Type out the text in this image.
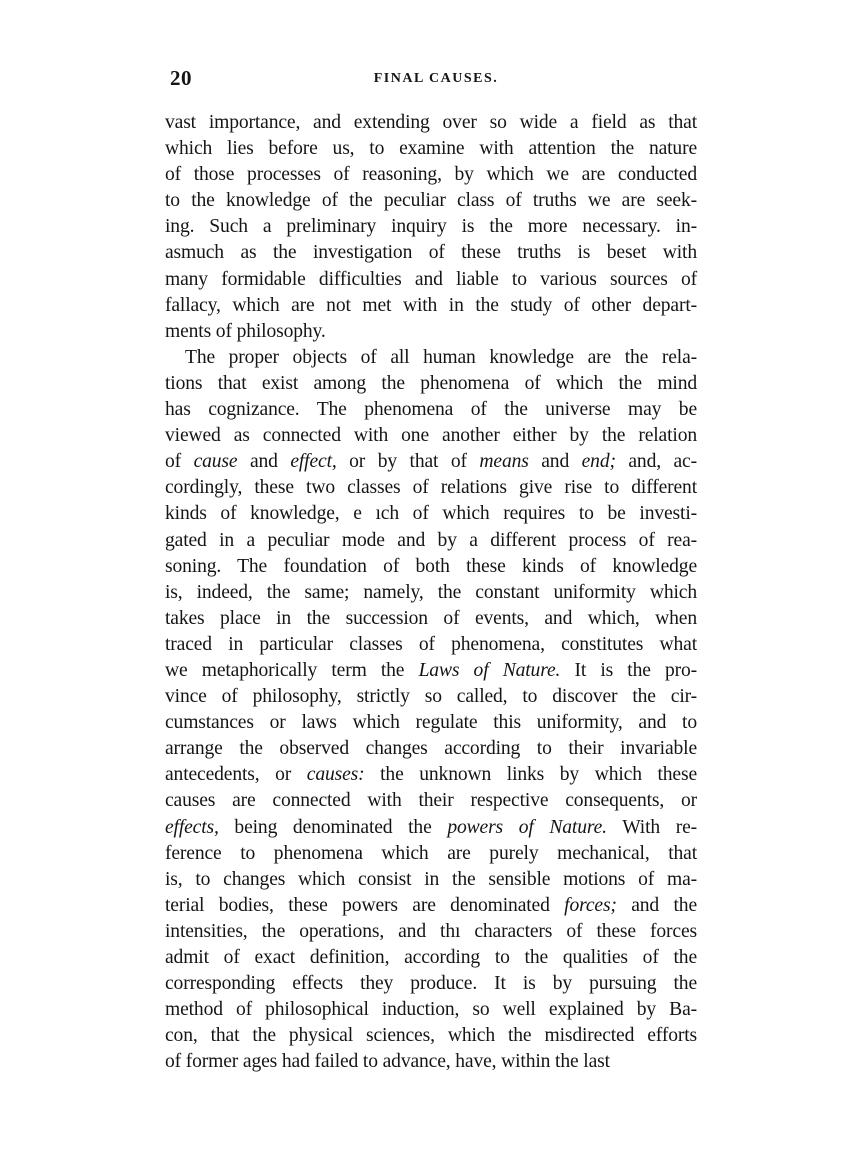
20	FINAL CAUSES.
vast importance, and extending over so wide a field as that
which lies before us, to examine with attention the nature
of those processes of reasoning, by which we are conducted
to the knowledge of the peculiar class of truths we are seek-
ing. Such a preliminary inquiry is the more necessary. in-
asmuch as the investigation of these truths is beset with
many formidable difficulties and liable to various sources of
fallacy, which are not met with in the study of other depart-
ments of philosophy.
The proper objects of all human knowledge are the rela-
tions that exist among the phenomena of which the mind
has cognizance. The phenomena of the universe may be
viewed as connected with one another either by the relation
of cause and effect, or by that of means and end; and, ac-
cordingly, these two classes of relations give rise to different
kinds of knowledge, e ıch of which requires to be investi-
gated in a peculiar mode and by a different process of rea-
soning. The foundation of both these kinds of knowledge
is, indeed, the same; namely, the constant uniformity which
takes place in the succession of events, and which, when
traced in particular classes of phenomena, constitutes what
we metaphorically term the Laws of Nature. It is the pro-
vince of philosophy, strictly so called, to discover the cir-
cumstances or laws which regulate this uniformity, and to
arrange the observed changes according to their invariable
antecedents, or causes: the unknown links by which these
causes are connected with their respective consequents, or
effects, being denominated the powers of Nature. With re-
ference to phenomena which are purely mechanical, that
is, to changes which consist in the sensible motions of ma-
terial bodies, these powers are denominated forces; and the
intensities, the operations, and thı characters of these forces
admit of exact definition, according to the qualities of the
corresponding effects they produce. It is by pursuing the
method of philosophical induction, so well explained by Ba-
con, that the physical sciences, which the misdirected efforts
of former ages had failed to advance, have, within the last
